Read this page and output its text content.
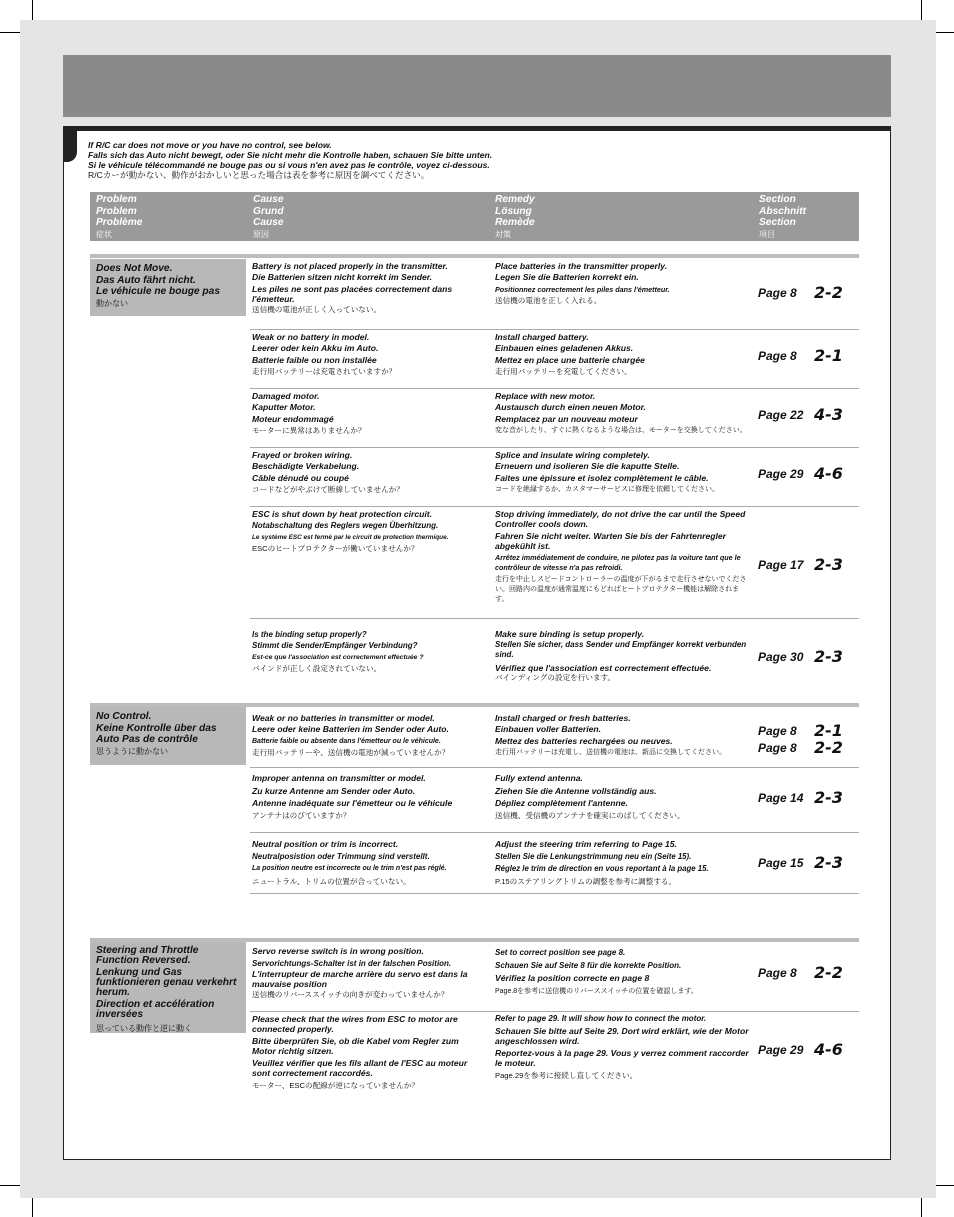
If R/C car does not move or you have no control, see below.
Falls sich das Auto nicht bewegt, oder Sie nicht mehr die Kontrolle haben, schauen Sie bitte unten.
Si le véhicule télécommandé ne bouge pas ou si vous n'en avez pas le contrôle, voyez ci-dessous.
R/Cカーが動かない、動作がおかしいと思った場合は表を参考に原因を調べてください。
Problem
Problem
Problème
症状
Cause
Grund
Cause
原因
Remedy
Lösung
Remède
対策
Section
Abschnitt
Section
項目
Does Not Move.
Das Auto fährt nicht.
Le véhicule ne bouge pas
動かない
Battery is not placed properly in the transmitter.
Die Batterien sitzen nicht korrekt im Sender.
Les piles ne sont pas placées correctement dans l'émetteur.
送信機の電池が正しく入っていない。
Place batteries in the transmitter properly.
Legen Sie die Batterien korrekt ein.
Positionnez correctement les piles dans l'émetteur.
送信機の電池を正しく入れる。
Page 8 2-2
Weak or no battery in model.
Leerer oder kein Akku im Auto.
Batterie faible ou non installée
走行用バッテリーは充電されていますか？
Install charged battery.
Einbauen eines geladenen Akkus.
Mettez en place une batterie chargée
走行用バッテリーを充電してください。
Page 8 2-1
Damaged motor.
Kaputter Motor.
Moteur endommagé
モーターに異常はありませんか？
Replace with new motor.
Austausch durch einen neuen Motor.
Remplacez par un nouveau moteur
変な音がしたり、すぐに熱くなるような場合は、モーターを交換してください。
Page 22 4-3
Frayed or broken wiring.
Beschädigte Verkabelung.
Câble dénudé ou coupé
コードなどがやぶけて断線していませんか？
Splice and insulate wiring completely.
Erneuern und isolieren Sie die kaputte Stelle.
Faites une épissure et isolez complètement le câble.
コードを絶縁するか、カスタマーサービスに修理を依頼してください。
Page 29 4-6
ESC is shut down by heat protection circuit.
Notabschaltung des Reglers wegen Überhitzung.
Le système ESC est fermé par le circuit de protection thermique.
ESCのヒートプロテクターが働いていませんか？
Stop driving immediately, do not drive the car until the Speed Controller cools down.
Fahren Sie nicht weiter. Warten Sie bis der Fahrtenregler abgekühlt ist.
Arrêtez immédiatement de conduire, ne pilotez pas la voiture tant que le contrôleur de vitesse n'a pas refroidi.
走行を中止しスピードコントローラーの温度が下がるまで走行させないでください。回路内の温度が通常温度にもどればヒートプロテクター機能は解除されます。
Page 17 2-3
Is the binding setup properly?
Stimmt die Sender/Empfänger Verbindung?
Est-ce que l'association est correctement effectuée ?
バインドが正しく設定されていない。
Make sure binding is setup properly.
Stellen Sie sicher, dass Sender und Empfänger korrekt verbunden sind.
Vérifiez que l'association est correctement effectuée.
バインディングの設定を行います。
Page 30 2-3
No Control.
Keine Kontrolle über das Auto Pas de contrôle
思うように動かない
Weak or no batteries in transmitter or model.
Leere oder keine Batterien im Sender oder Auto.
Batterie faible ou absente dans l'émetteur ou le véhicule.
走行用バッテリーや、送信機の電池が減っていませんか？
Install charged or fresh batteries.
Einbauen voller Batterien.
Mettez des batteries rechargées ou neuves.
走行用バッテリーは充電し、送信機の電池は、新品に交換してください。
Page 8 2-1
Page 8 2-2
Improper antenna on transmitter or model.
Zu kurze Antenne am Sender oder Auto.
Antenne inadéquate sur l'émetteur ou le véhicule
アンテナはのびていますか？
Fully extend antenna.
Ziehen Sie die Antenne vollständig aus.
Dépliez complètement l'antenne.
送信機、受信機のアンテナを確実にのばしてください。
Page 14 2-3
Neutral position or trim is incorrect.
Neutralposistion oder Trimmung sind verstellt.
La position neutre est incorrecte ou le trim n'est pas réglé.
ニュートラル、トリムの位置が合っていない。
Adjust the steering trim referring to Page 15.
Stellen Sie die Lenkungstrimmung neu ein (Seite 15).
Réglez le trim de direction en vous reportant à la page 15.
P.15のステアリングトリムの調整を参考に調整する。
Page 15 2-3
Steering and Throttle Function Reversed.
Lenkung und Gas funktionieren genau verkehrt herum.
Direction et accélération inversées
思っている動作と逆に動く
Servo reverse switch is in wrong position.
Servorichtungs-Schalter ist in der falschen Position.
L'interrupteur de marche arrière du servo est dans la mauvaise position
送信機のリバーススイッチの向きが変わっていませんか？
Set to correct position see page 8.
Schauen Sie auf Seite 8 für die korrekte Position.
Vérifiez la position correcte en page 8
Page.8を参考に送信機のリバーススイッチの位置を確認します。
Page 8 2-2
Please check that the wires from ESC to motor are connected properly.
Bitte überprüfen Sie, ob die Kabel vom Regler zum Motor richtig sitzen.
Veuillez vérifier que les fils allant de l'ESC au moteur sont correctement raccordés.
モーター、ESCの配線が逆になっていませんか？
Refer to page 29. It will show how to connect the motor.
Schauen Sie bitte auf Seite 29. Dort wird erklärt, wie der Motor angeschlossen wird.
Reportez-vous à la page 29. Vous y verrez comment raccorder le moteur.
Page.29を参考に接続し直してください。
Page 29 4-6
